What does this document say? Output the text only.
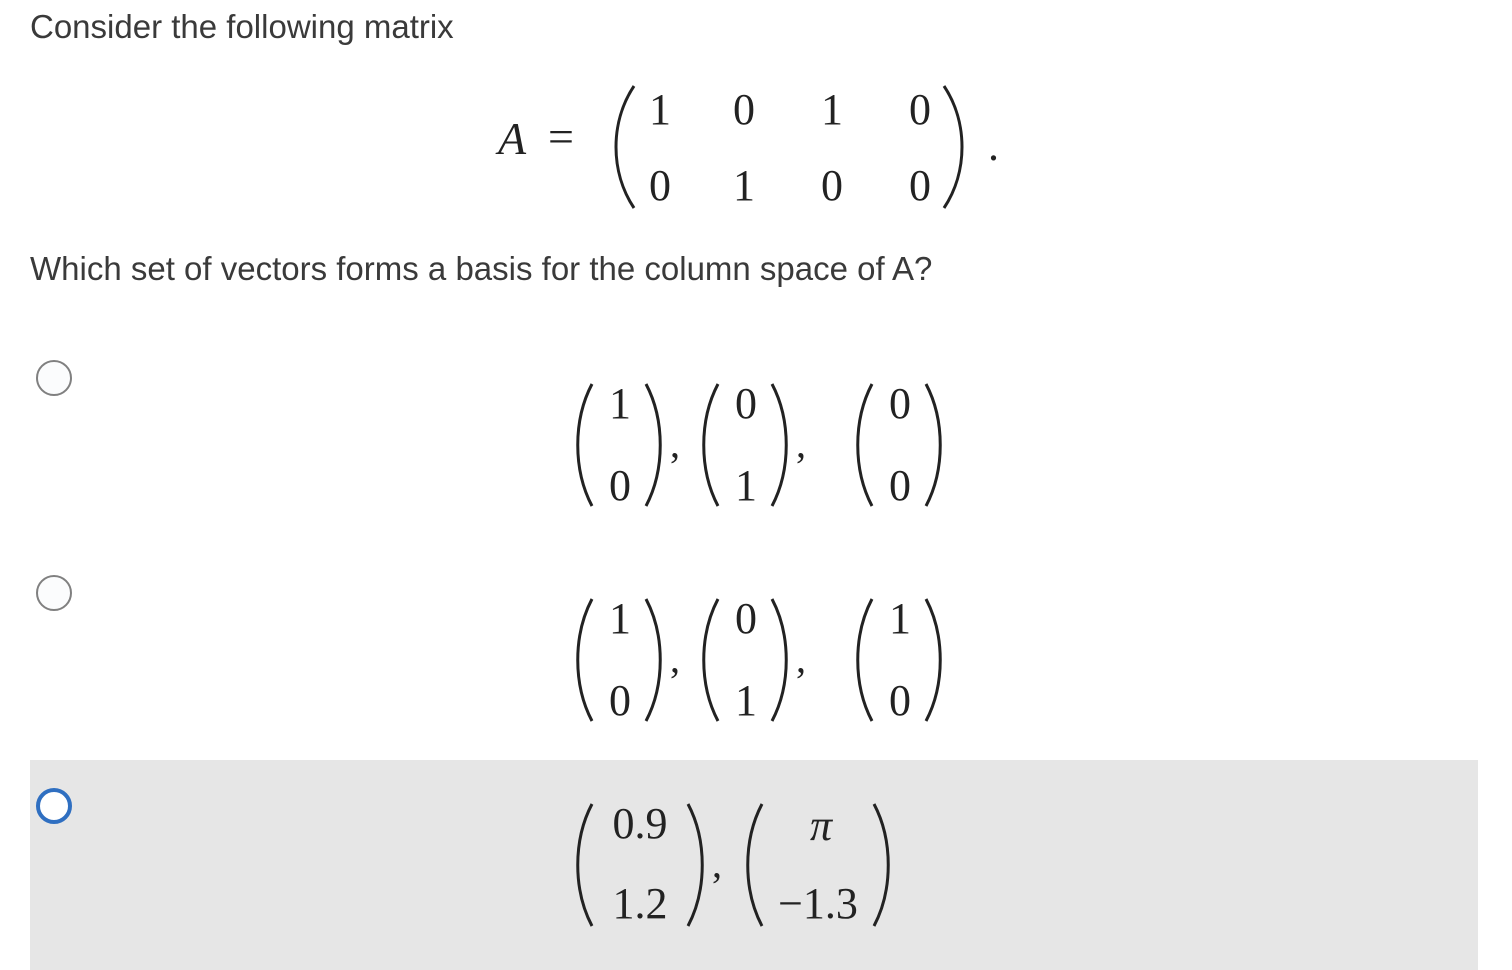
Consider the following matrix

A =
1 0 1 0
0 1 0 0
.

Which set of vectors forms a basis for the column space of A?

1
0
,
0
1
,
0
0
1
0
,
0
1
,
1
0
0.9
1.2
,
π
−1.3
